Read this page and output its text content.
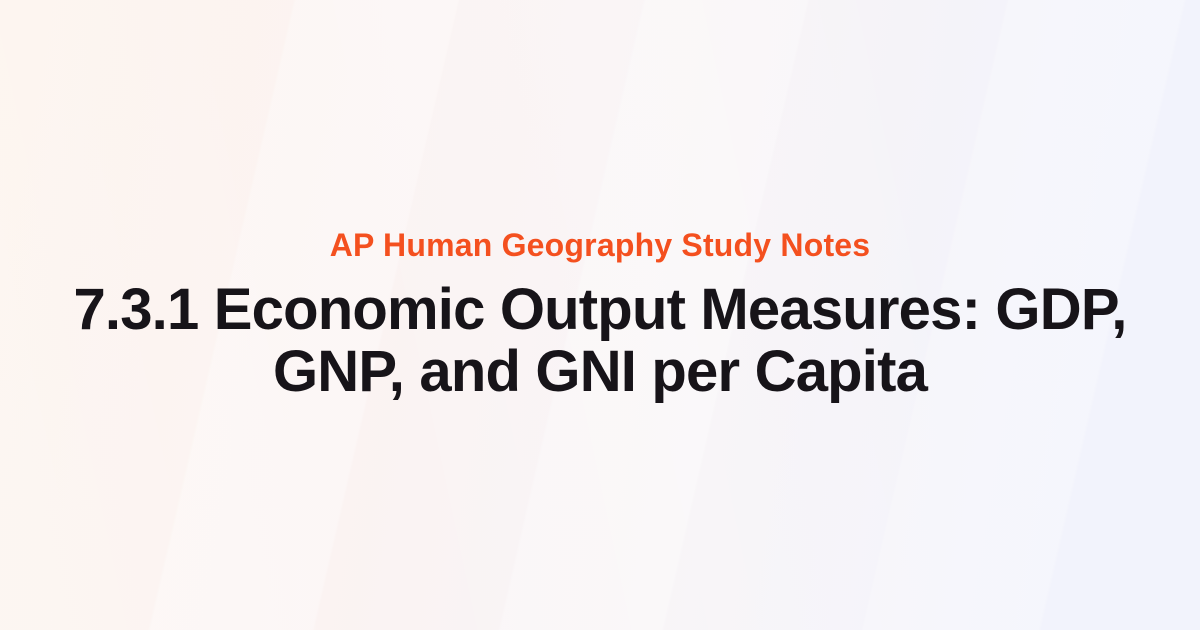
AP Human Geography Study Notes
7.3.1 Economic Output Measures: GDP,
GNP, and GNI per Capita
